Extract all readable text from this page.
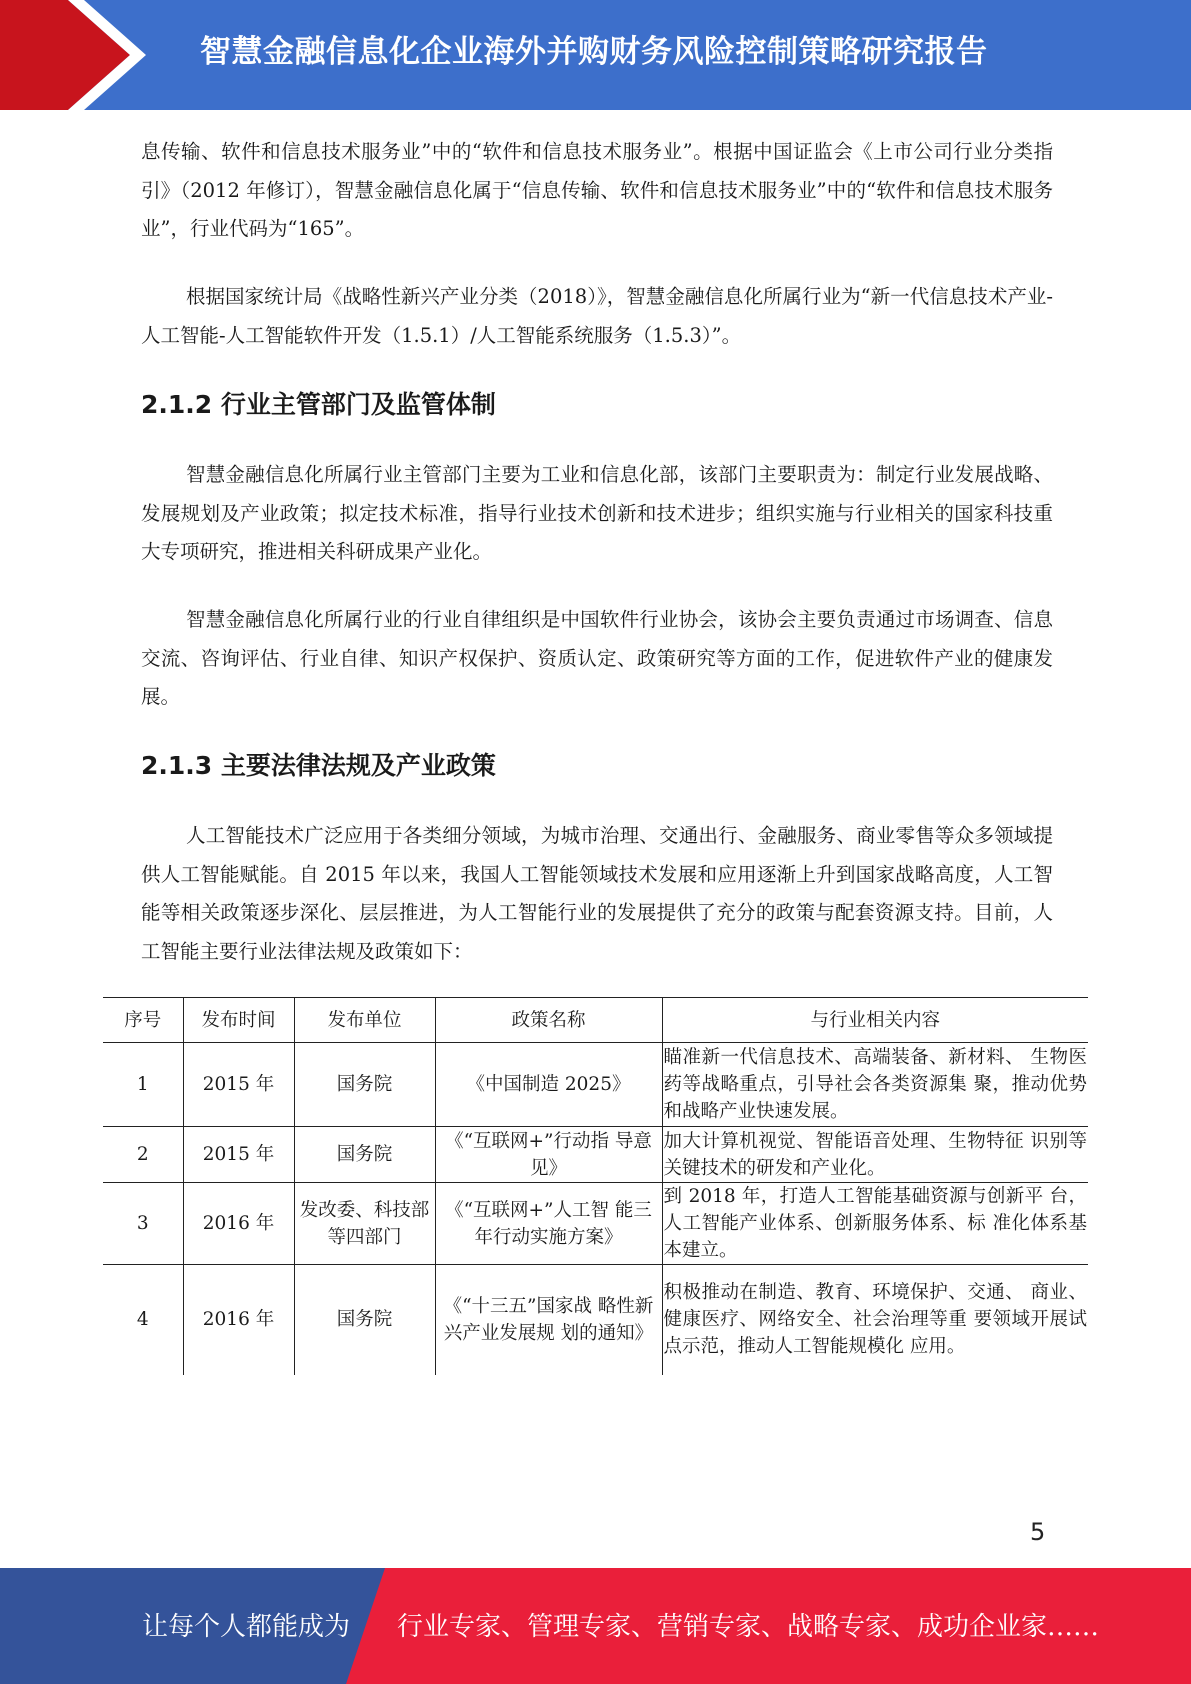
智慧金融信息化企业海外并购财务风险控制策略研究报告

息传输、软件和信息技术服务业”中的“软件和信息技术服务业”。根据中国证监会《上市公司行业分类指引》（2012 年修订），智慧金融信息化属于“信息传输、软件和信息技术服务业”中的“软件和信息技术服务业”，行业代码为“165”。

根据国家统计局《战略性新兴产业分类（2018）》，智慧金融信息化所属行业为“新一代信息技术产业-人工智能-人工智能软件开发（1.5.1）/人工智能系统服务（1.5.3）”。

2.1.2 行业主管部门及监管体制

智慧金融信息化所属行业主管部门主要为工业和信息化部，该部门主要职责为：制定行业发展战略、发展规划及产业政策；拟定技术标准，指导行业技术创新和技术进步；组织实施与行业相关的国家科技重大专项研究，推进相关科研成果产业化。

智慧金融信息化所属行业的行业自律组织是中国软件行业协会，该协会主要负责通过市场调查、信息交流、咨询评估、行业自律、知识产权保护、资质认定、政策研究等方面的工作，促进软件产业的健康发展。

2.1.3 主要法律法规及产业政策

人工智能技术广泛应用于各类细分领域，为城市治理、交通出行、金融服务、商业零售等众多领域提供人工智能赋能。自 2015 年以来，我国人工智能领域技术发展和应用逐渐上升到国家战略高度，人工智能等相关政策逐步深化、层层推进，为人工智能行业的发展提供了充分的政策与配套资源支持。目前，人工智能主要行业法律法规及政策如下：

序号	发布时间	发布单位	政策名称	与行业相关内容
1	2015 年	国务院	《中国制造 2025》	瞄准新一代信息技术、高端装备、新材料、 生物医药等战略重点，引导社会各类资源集 聚，推动优势和战略产业快速发展。
2	2015 年	国务院	《“互联网+”行动指 导意见》	加大计算机视觉、智能语音处理、生物特征 识别等关键技术的研发和产业化。
3	2016 年	发改委、科技部等四部门	《“互联网+”人工智 能三年行动实施方案》	到 2018 年，打造人工智能基础资源与创新平 台，人工智能产业体系、创新服务体系、标 准化体系基本建立。
4	2016 年	国务院	《“十三五”国家战 略性新兴产业发展规 划的通知》	积极推动在制造、教育、环境保护、交通、 商业、健康医疗、网络安全、社会治理等重 要领域开展试点示范，推动人工智能规模化 应用。
5
让每个人都能成为 行业专家、管理专家、营销专家、战略专家、成功企业家……
